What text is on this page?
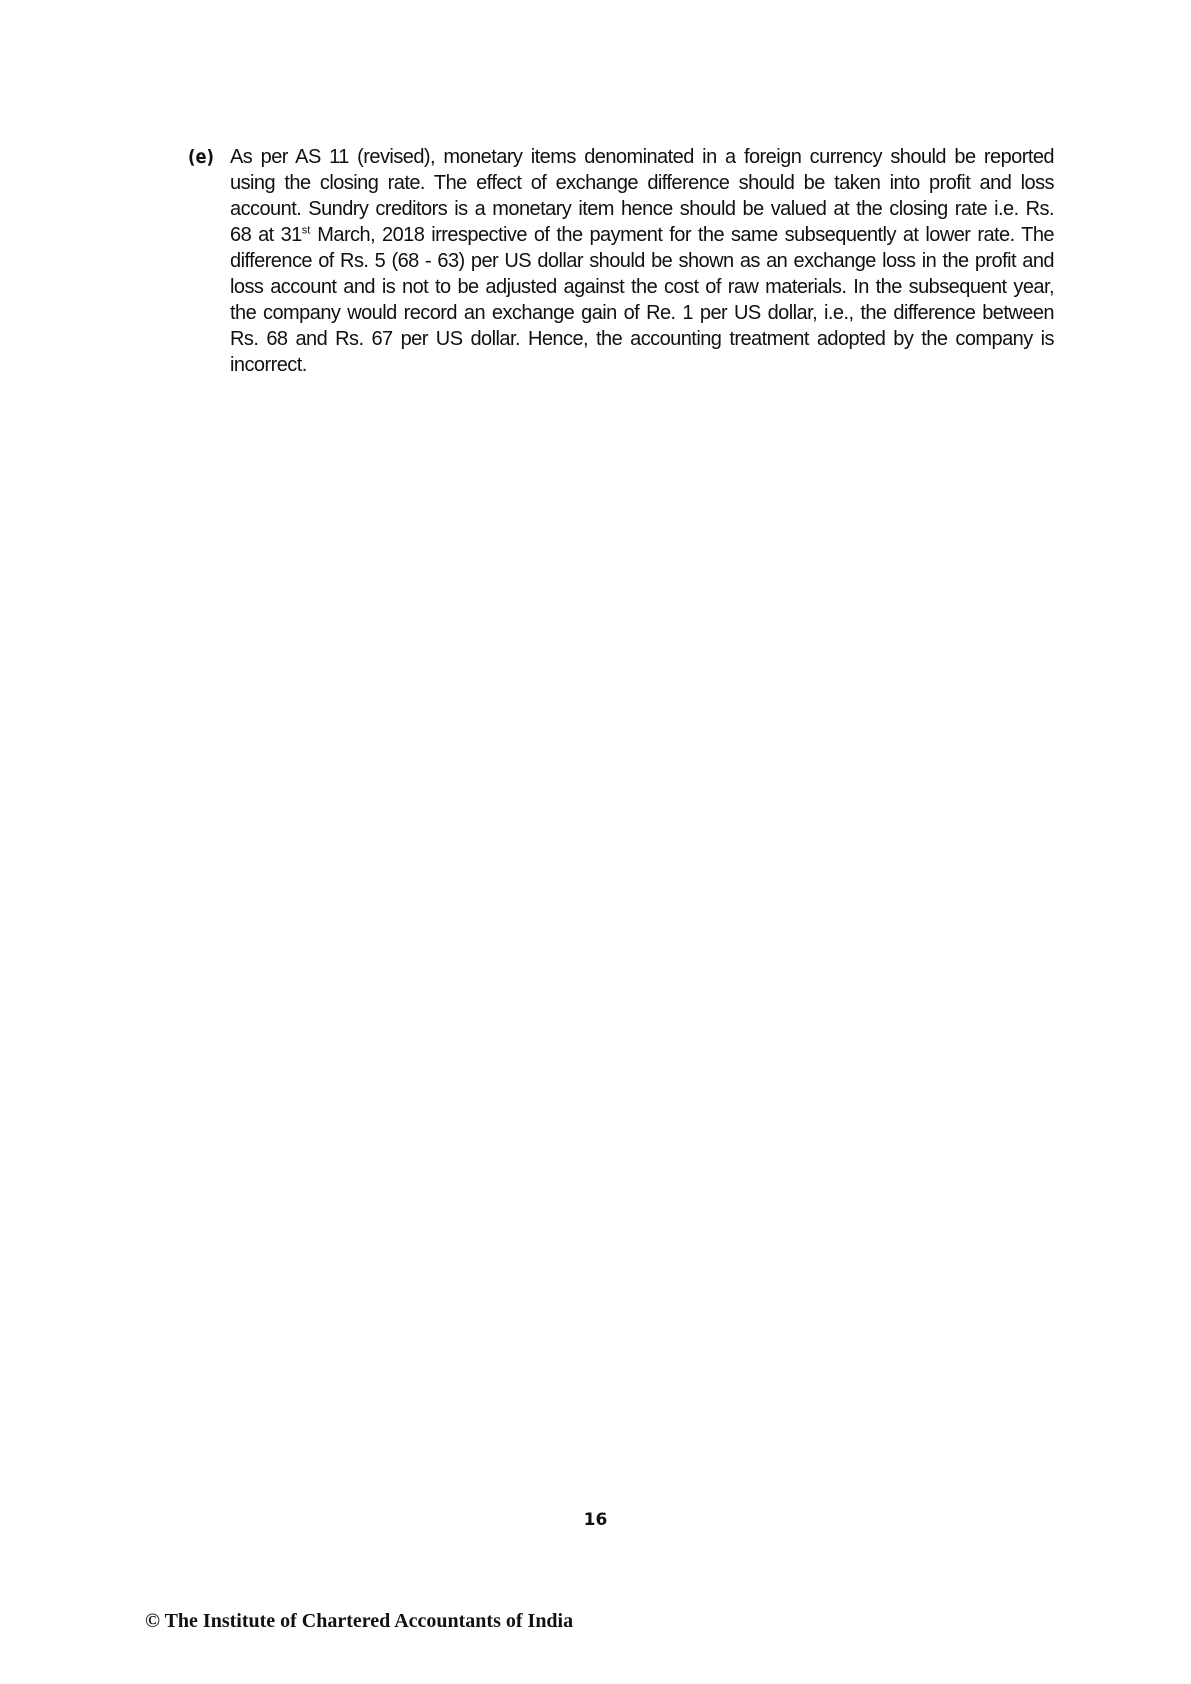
(e) As per AS 11 (revised), monetary items denominated in a foreign currency should be reported using the closing rate. The effect of exchange difference should be taken into profit and loss account. Sundry creditors is a monetary item hence should be valued at the closing rate i.e. Rs. 68 at 31st March, 2018 irrespective of the payment for the same subsequently at lower rate. The difference of Rs. 5 (68 - 63) per US dollar should be shown as an exchange loss in the profit and loss account and is not to be adjusted against the cost of raw materials. In the subsequent year, the company would record an exchange gain of Re. 1 per US dollar, i.e., the difference between Rs. 68 and Rs. 67 per US dollar. Hence, the accounting treatment adopted by the company is incorrect.
16
© The Institute of Chartered Accountants of India
